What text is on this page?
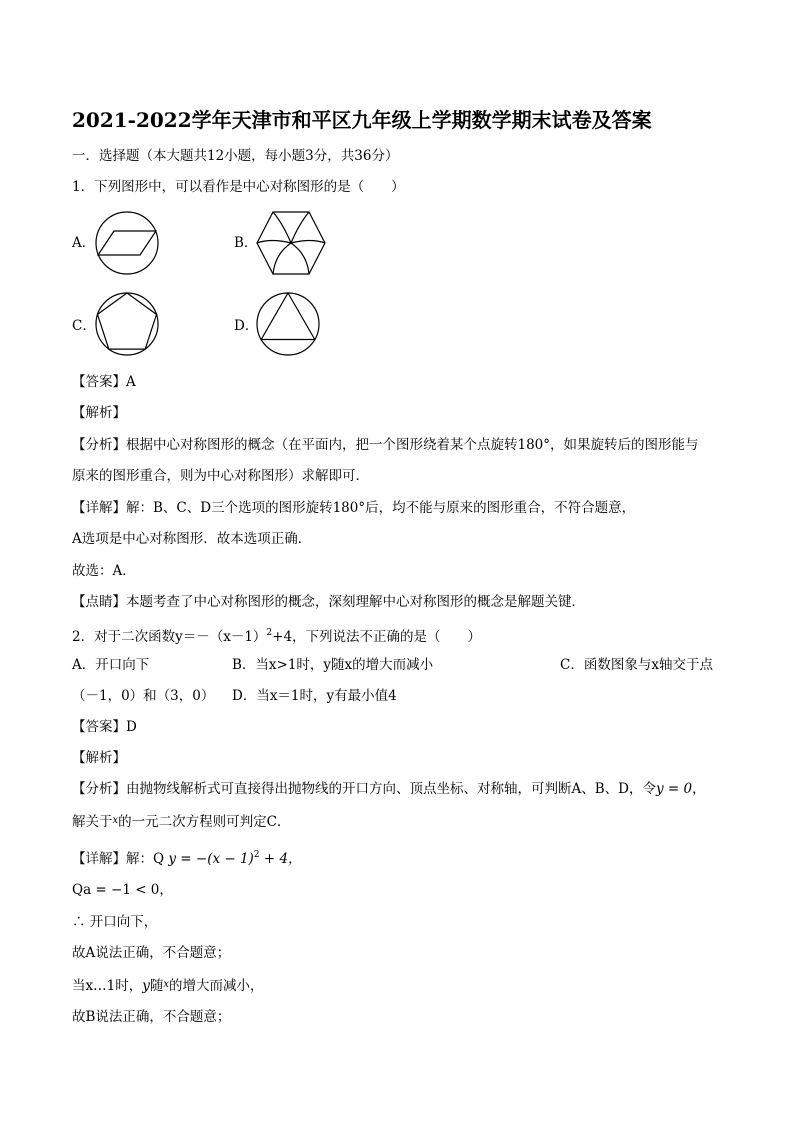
2021-2022学年天津市和平区九年级上学期数学期末试卷及答案
一．选择题（本大题共12小题，每小题3分，共36分）
1．下列图形中，可以看作是中心对称图形的是（　　）
A．	B．
C．	D．
【答案】A
【解析】
【分析】根据中心对称图形的概念（在平面内，把一个图形绕着某个点旋转180°，如果旋转后的图形能与
原来的图形重合，则为中心对称图形）求解即可．
【详解】解：B、C、D三个选项的图形旋转180°后，均不能与原来的图形重合，不符合题意，
A选项是中心对称图形．故本选项正确．
故选：A．
【点睛】本题考查了中心对称图形的概念，深刻理解中心对称图形的概念是解题关键．
2．对于二次函数$y=-(x-1)^2+4$，下列说法不正确的是（　　）
A．开口向下	B．当x>1时，y随x的增大而减小	C．函数图象与x轴交于点
（－1，0）和（3，0） D．当x＝1时，y有最小值4
【答案】D
【解析】
【分析】由抛物线解析式可直接得出抛物线的开口方向、顶点坐标、对称轴，可判断A、B、D，令y = 0，
解关于$^x$的一元二次方程则可判定C．
【详解】解：Q $y = -(x - 1)^2 + 4$，
Qa = −1 < 0，
∴ 开口向下，
故A说法正确，不合题意；
当x…1时，y随$^x$的增大而减小，
故B说法正确，不合题意；
